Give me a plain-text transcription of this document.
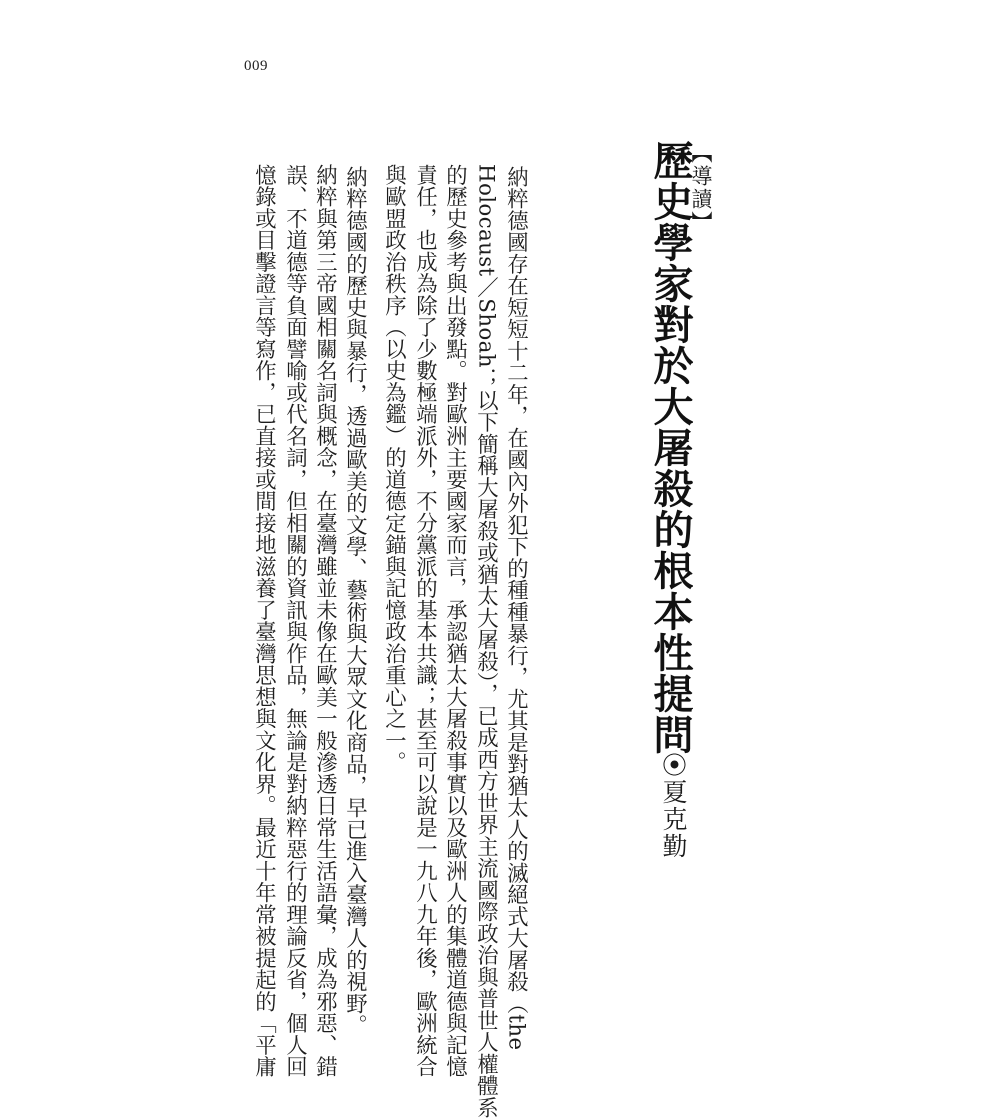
009
【導讀】
歷史學家對於大屠殺的根本性提問
⦿夏克勤
納粹德國存在短短十二年，在國內外犯下的種種暴行，尤其是對猶太人的滅絕式大屠殺（the
Holocaust／Shoah；以下簡稱大屠殺或猶太大屠殺），已成西方世界主流國際政治與普世人權體系
的歷史參考與出發點。對歐洲主要國家而言，承認猶太大屠殺事實以及歐洲人的集體道德與記憶
責任，也成為除了少數極端派外，不分黨派的基本共識；甚至可以說是一九八九年後，歐洲統合
與歐盟政治秩序（以史為鑑）的道德定錨與記憶政治重心之一。
納粹德國的歷史與暴行，透過歐美的文學、藝術與大眾文化商品，早已進入臺灣人的視野。
納粹與第三帝國相關名詞與概念，在臺灣雖並未像在歐美一般滲透日常生活語彙，成為邪惡、錯
誤、不道德等負面譬喻或代名詞，但相關的資訊與作品，無論是對納粹惡行的理論反省，個人回
憶錄或目擊證言等寫作，已直接或間接地滋養了臺灣思想與文化界。最近十年常被提起的「平庸
